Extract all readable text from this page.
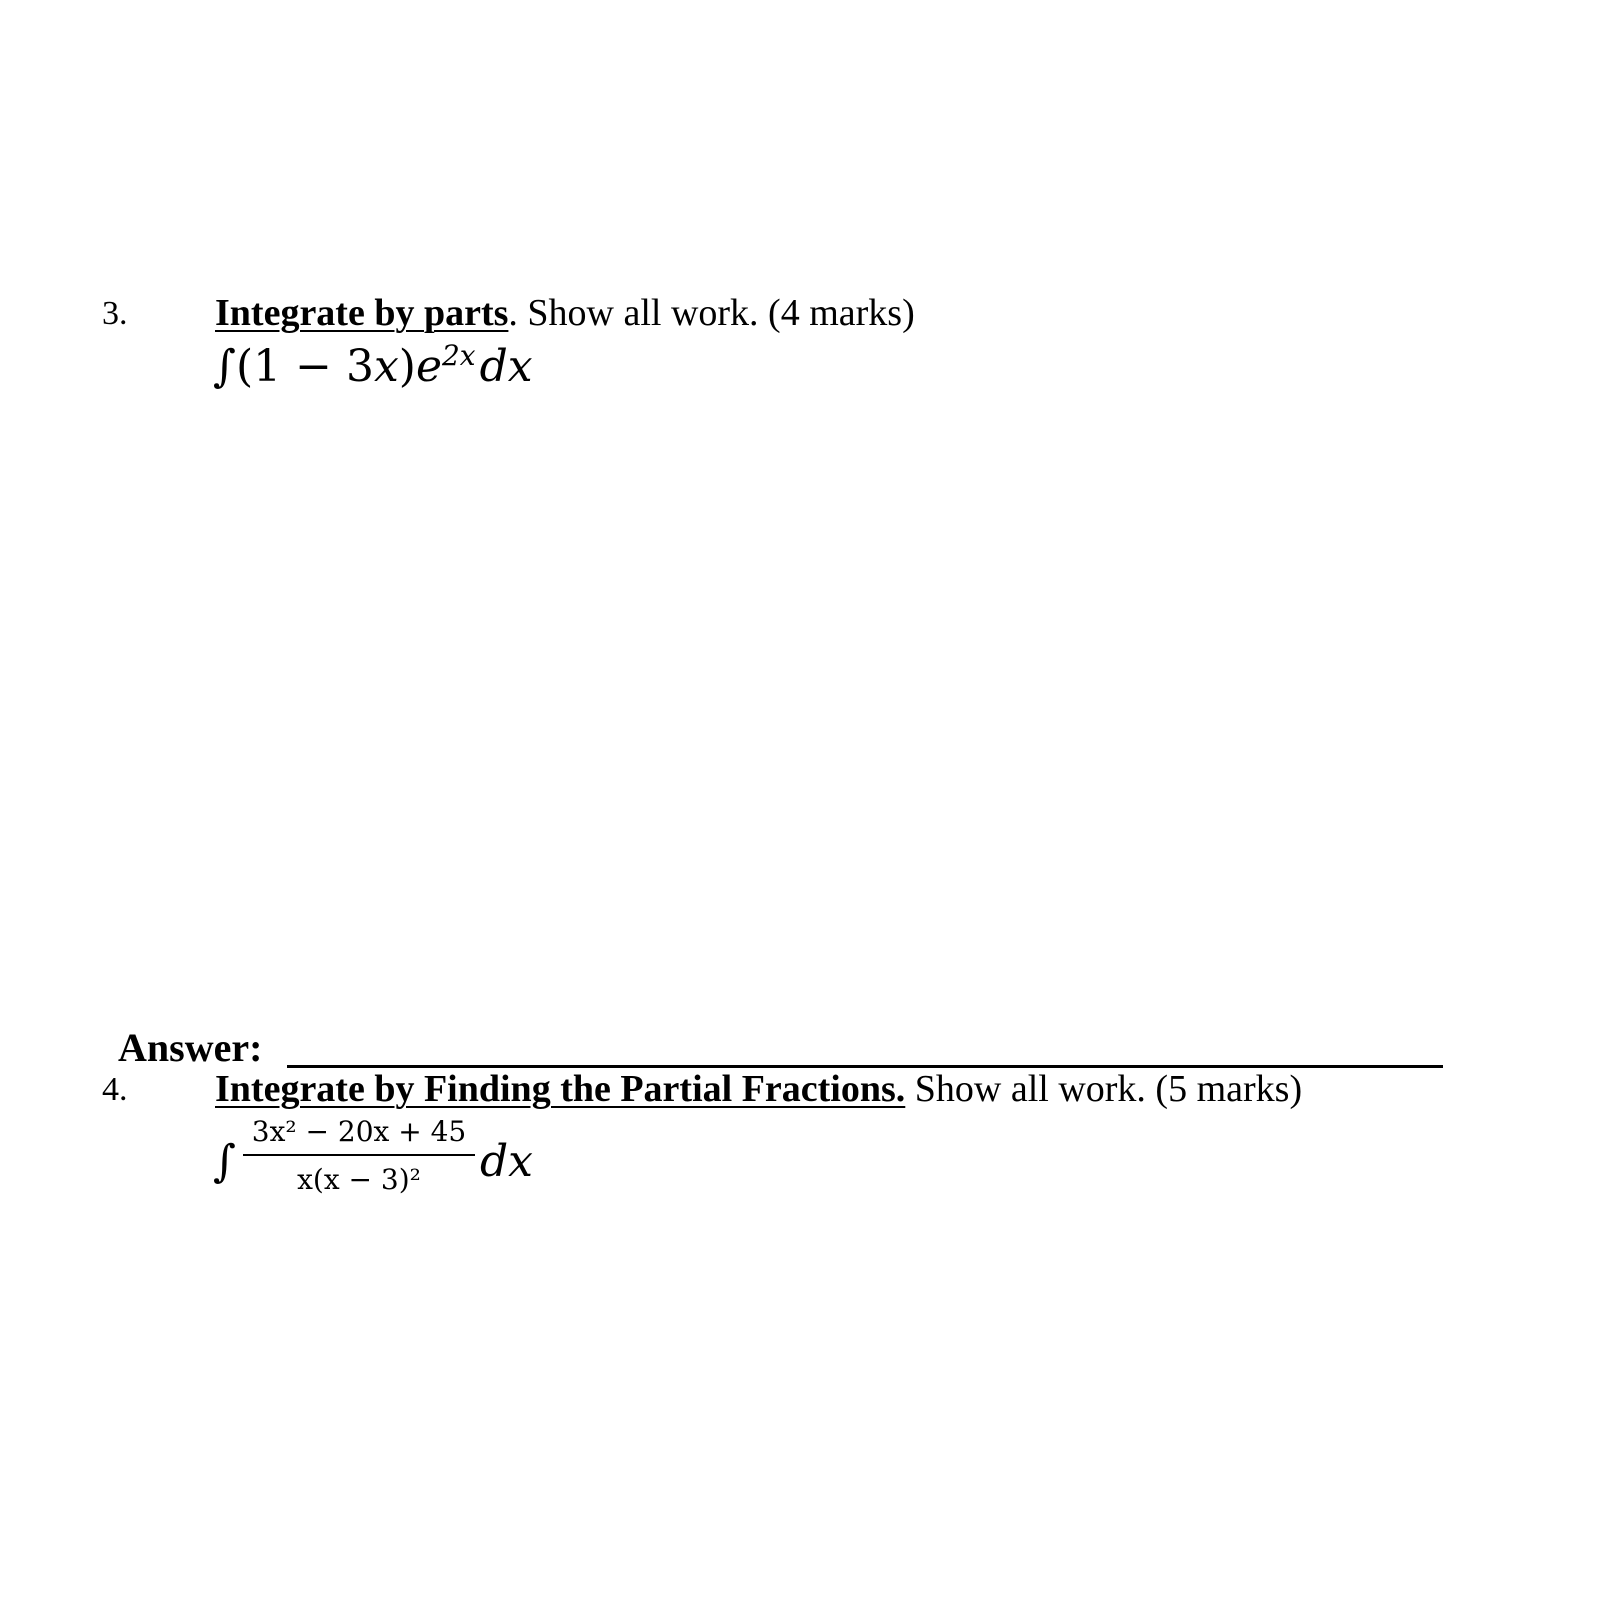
3. Integrate by parts. Show all work. (4 marks)
$\int(1 - 3x)e^{2x}dx$
Answer:
4. Integrate by Finding the Partial Fractions. Show all work. (5 marks)
∫
3x² − 20x + 45
x(x − 3)² dx
